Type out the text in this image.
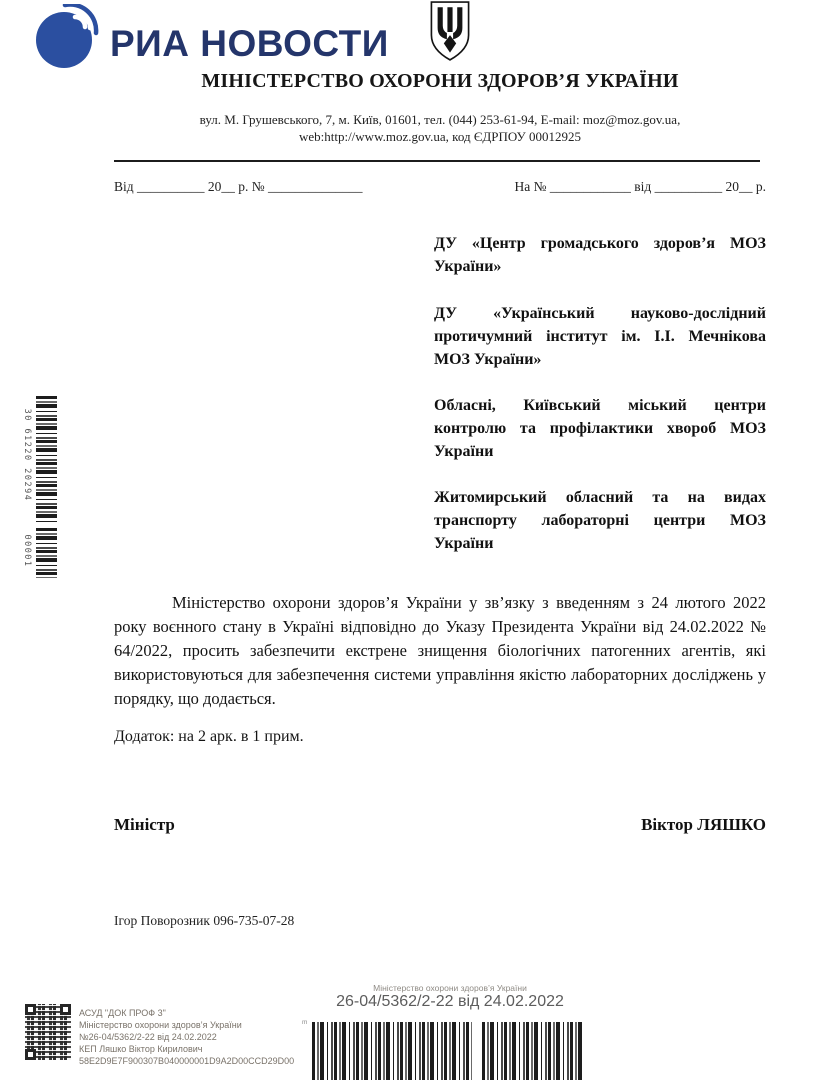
РИА НОВОСТИ
МІНІСТЕРСТВО ОХОРОНИ ЗДОРОВ’Я УКРАЇНИ
вул. М. Грушевського, 7, м. Київ, 01601, тел. (044) 253-61-94, E-mail: moz@moz.gov.ua,
web:http://www.moz.gov.ua, код ЄДРПОУ 00012925
Від __________ 20__ р. № ______________	На № ____________ від __________ 20__ р.
ДУ «Центр громадського здоров’я МОЗ України»
ДУ «Український науково-дослідний протичумний інститут ім. І.І. Мечнікова МОЗ України»
Обласні, Київський міський центри контролю та профілактики хвороб МОЗ України
Житомирський обласний та на видах транспорту лабораторні центри МОЗ України
Міністерство охорони здоров’я України у зв’язку з введенням з 24 лютого 2022 року воєнного стану в Україні відповідно до Указу Президента України від 24.02.2022 № 64/2022, просить забезпечити екстрене знищення біологічних патогенних агентів, які використовуються для забезпечення системи управління якістю лабораторних досліджень у порядку, що додається.
Додаток: на 2 арк. в 1 прим.
Міністр	Віктор ЛЯШКО
Ігор Поворозник 096-735-07-28
30 61220 20294
00001
АСУД "ДОК ПРОФ 3"
Міністерство охорони здоров’я України
№26-04/5362/2-22 від 24.02.2022
КЕП Ляшко Віктор Кирилович
58E2D9E7F900307B040000001D9A2D00CCD29D00
Міністерство охорони здоров’я України
26-04/5362/2-22 від 24.02.2022
m
